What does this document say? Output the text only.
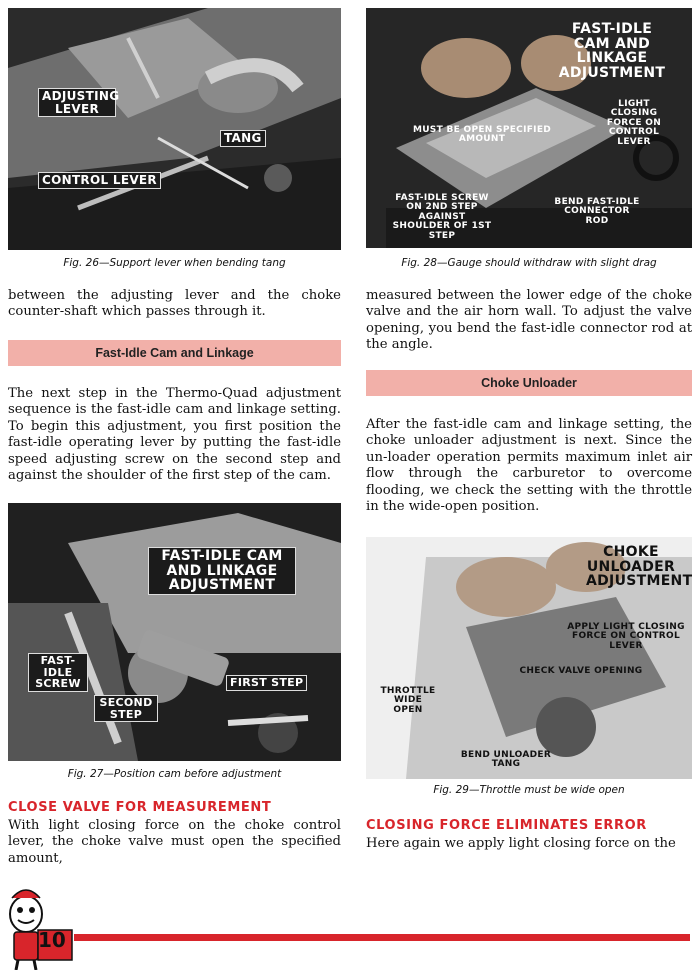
ADJUSTING LEVER
TANG
CONTROL LEVER
Fig. 26—Support lever when bending tang
FAST-IDLE CAM AND LINKAGE ADJUSTMENT
LIGHT CLOSING FORCE ON CONTROL LEVER
MUST BE OPEN SPECIFIED AMOUNT
FAST-IDLE SCREW ON 2ND STEP AGAINST SHOULDER OF 1ST STEP
BEND FAST-IDLE CONNECTOR ROD
Fig. 28—Gauge should withdraw with slight drag
between the adjusting lever and the choke counter-shaft which passes through it.
Fast-Idle Cam and Linkage
The next step in the Thermo-Quad adjustment sequence is the fast-idle cam and linkage setting. To begin this adjustment, you first position the fast-idle operating lever by putting the fast-idle speed adjusting screw on the second step and against the shoulder of the first step of the cam.
FAST-IDLE CAM AND LINKAGE ADJUSTMENT
FAST-IDLE SCREW	FIRST STEP
SECOND STEP
Fig. 27—Position cam before adjustment
CLOSE VALVE FOR MEASUREMENT
With light closing force on the choke control lever, the choke valve must open the specified amount,
measured between the lower edge of the choke valve and the air horn wall. To adjust the valve opening, you bend the fast-idle connector rod at the angle.
Choke Unloader
After the fast-idle cam and linkage setting, the choke unloader adjustment is next. Since the un-loader operation permits maximum inlet air flow through the carburetor to overcome flooding, we check the setting with the throttle in the wide-open position.
CHOKE UNLOADER ADJUSTMENT
APPLY LIGHT CLOSING FORCE ON CONTROL LEVER
CHECK VALVE OPENING
THROTTLE WIDE OPEN
BEND UNLOADER TANG
Fig. 29—Throttle must be wide open
CLOSING FORCE ELIMINATES ERROR
Here again we apply light closing force on the
10
